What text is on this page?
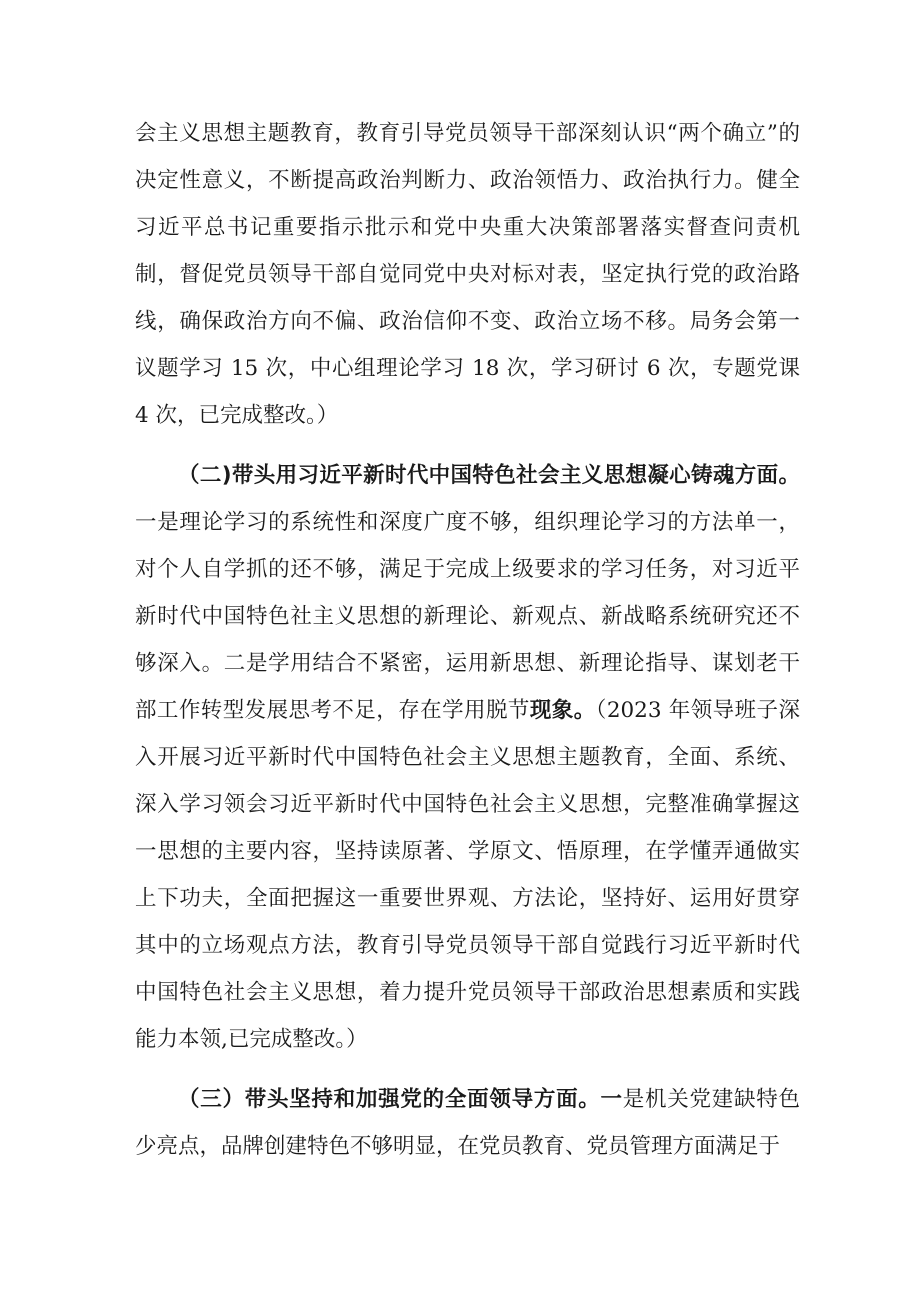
会主义思想主题教育，教育引导党员领导干部深刻认识“两个确立”的决定性意义，不断提高政治判断力、政治领悟力、政治执行力。健全习近平总书记重要指示批示和党中央重大决策部署落实督查问责机制，督促党员领导干部自觉同党中央对标对表，坚定执行党的政治路线，确保政治方向不偏、政治信仰不变、政治立场不移。局务会第一议题学习 15 次，中心组理论学习 18 次，学习研讨 6 次，专题党课 4 次，已完成整改。）

（二)带头用习近平新时代中国特色社会主义思想凝心铸魂方面。一是理论学习的系统性和深度广度不够，组织理论学习的方法单一，对个人自学抓的还不够，满足于完成上级要求的学习任务，对习近平新时代中国特色社主义思想的新理论、新观点、新战略系统研究还不够深入。二是学用结合不紧密，运用新思想、新理论指导、谋划老干部工作转型发展思考不足，存在学用脱节现象。（2023 年领导班子深入开展习近平新时代中国特色社会主义思想主题教育，全面、系统、深入学习领会习近平新时代中国特色社会主义思想，完整准确掌握这一思想的主要内容，坚持读原著、学原文、悟原理，在学懂弄通做实上下功夫，全面把握这一重要世界观、方法论，坚持好、运用好贯穿其中的立场观点方法，教育引导党员领导干部自觉践行习近平新时代中国特色社会主义思想，着力提升党员领导干部政治思想素质和实践能力本领,已完成整改。）

（三）带头坚持和加强党的全面领导方面。一是机关党建缺特色少亮点，品牌创建特色不够明显，在党员教育、党员管理方面满足于
